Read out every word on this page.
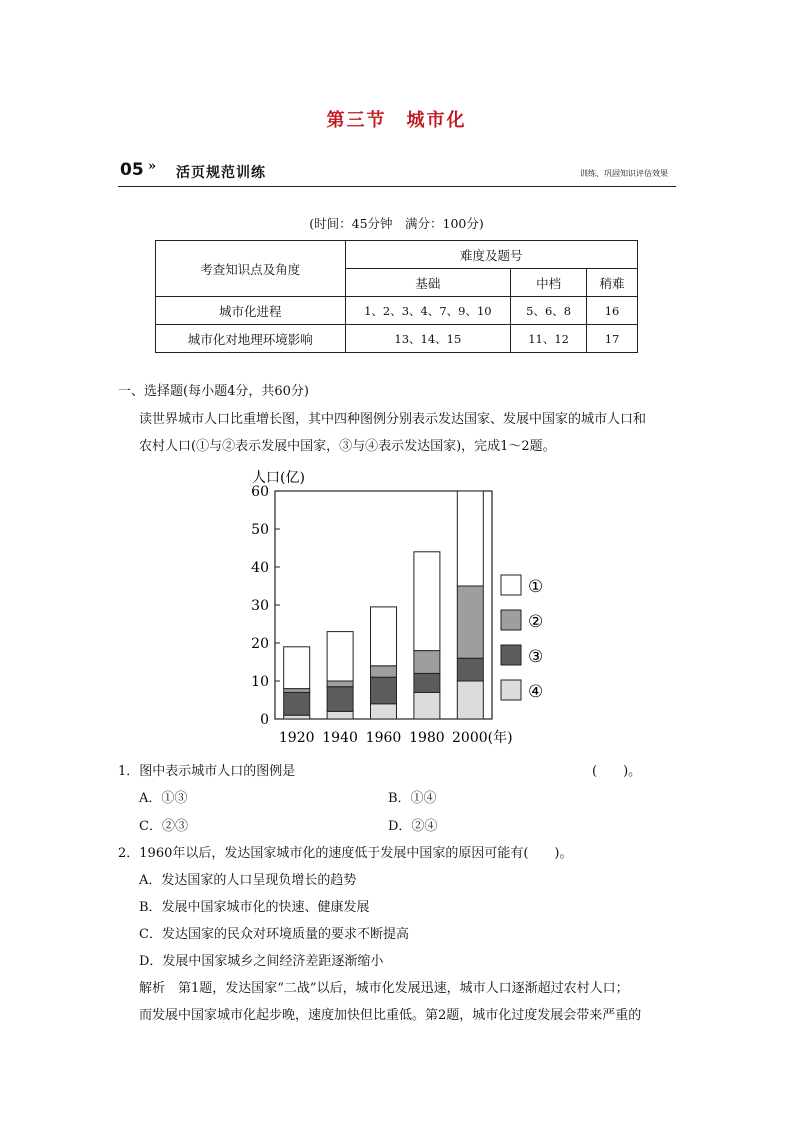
第三节　城市化
05 » 活页规范训练	训练、巩固知识评估效果
(时间：45分钟　满分：100分)
考查知识点及角度	难度及题号		
	基础	中档	稍难
城市化进程	1、2、3、4、7、9、10	5、6、8	16
城市化对地理环境影响	13、14、15	11、12	17
一、选择题(每小题4分，共60分)
读世界城市人口比重增长图，其中四种图例分别表示发达国家、发展中国家的城市人口和
农村人口(①与②表示发展中国家，③与④表示发达国家)，完成1～2题。
人口(亿)
0
10
20
30
40
50
60
1920 1940 1960 1980 2000(年)
①
②
③
④
1．图中表示城市人口的图例是	(　　)。
A．①③	B．①④
C．②③	D．②④
2．1960年以后，发达国家城市化的速度低于发展中国家的原因可能有(　　)。
A．发达国家的人口呈现负增长的趋势
B．发展中国家城市化的快速、健康发展
C．发达国家的民众对环境质量的要求不断提高
D．发展中国家城乡之间经济差距逐渐缩小
解析　第1题，发达国家“二战”以后，城市化发展迅速，城市人口逐渐超过农村人口；
而发展中国家城市化起步晚，速度加快但比重低。第2题，城市化过度发展会带来严重的
